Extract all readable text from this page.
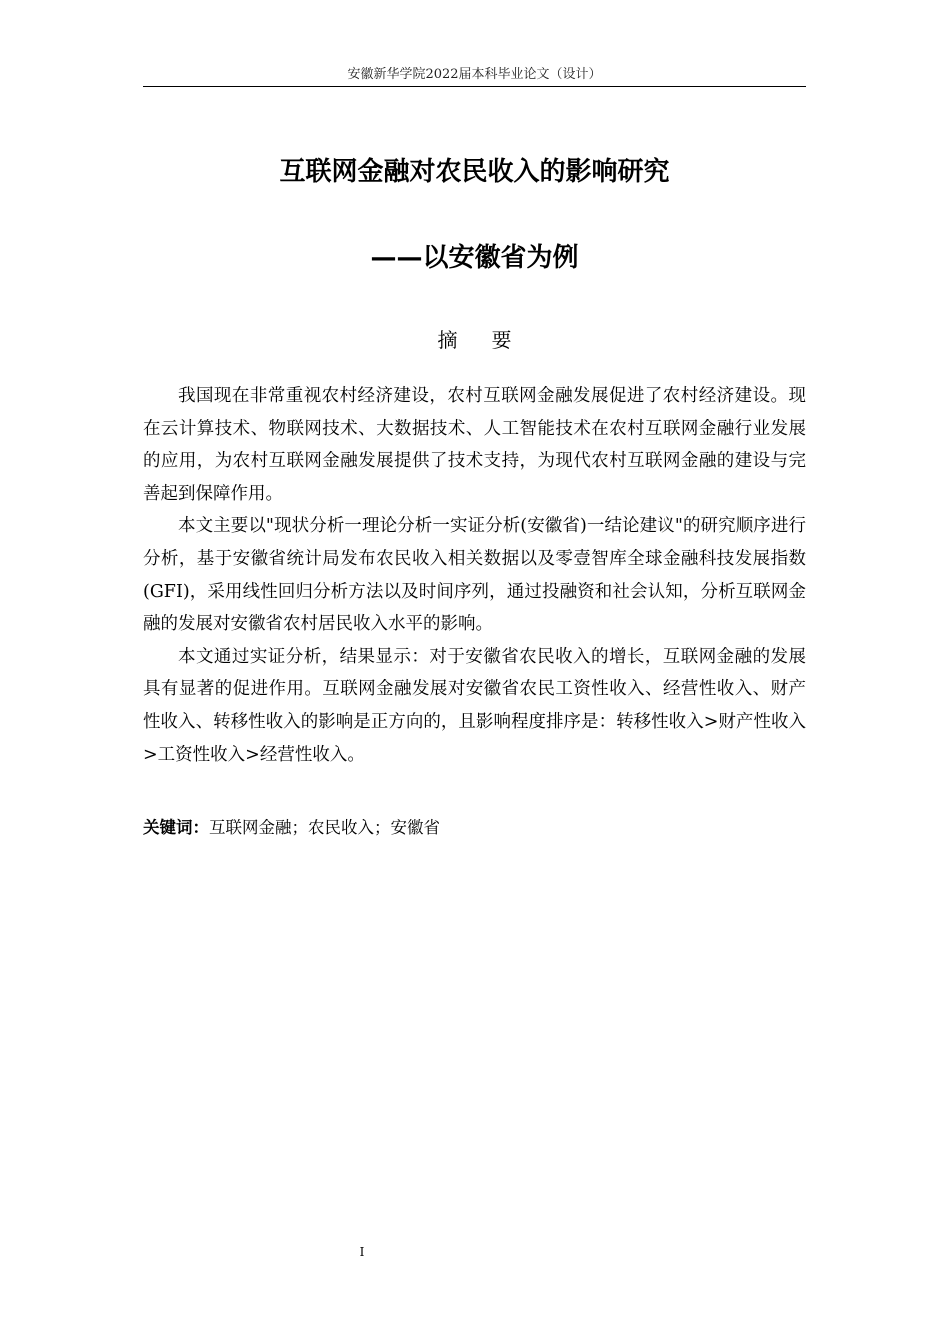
安徽新华学院2022届本科毕业论文（设计）
互联网金融对农民收入的影响研究
——以安徽省为例
摘 要

我国现在非常重视农村经济建设，农村互联网金融发展促进了农村经济建设。现在云计算技术、物联网技术、大数据技术、人工智能技术在农村互联网金融行业发展的应用，为农村互联网金融发展提供了技术支持，为现代农村互联网金融的建设与完善起到保障作用。

本文主要以"现状分析一理论分析一实证分析(安徽省)一结论建议"的研究顺序进行分析，基于安徽省统计局发布农民收入相关数据以及零壹智库全球金融科技发展指数(GFI)，采用线性回归分析方法以及时间序列，通过投融资和社会认知，分析互联网金融的发展对安徽省农村居民收入水平的影响。

本文通过实证分析，结果显示：对于安徽省农民收入的增长，互联网金融的发展具有显著的促进作用。互联网金融发展对安徽省农民工资性收入、经营性收入、财产性收入、转移性收入的影响是正方向的，且影响程度排序是：转移性收入>财产性收入>工资性收入>经营性收入。

关键词：互联网金融；农民收入；安徽省
I
